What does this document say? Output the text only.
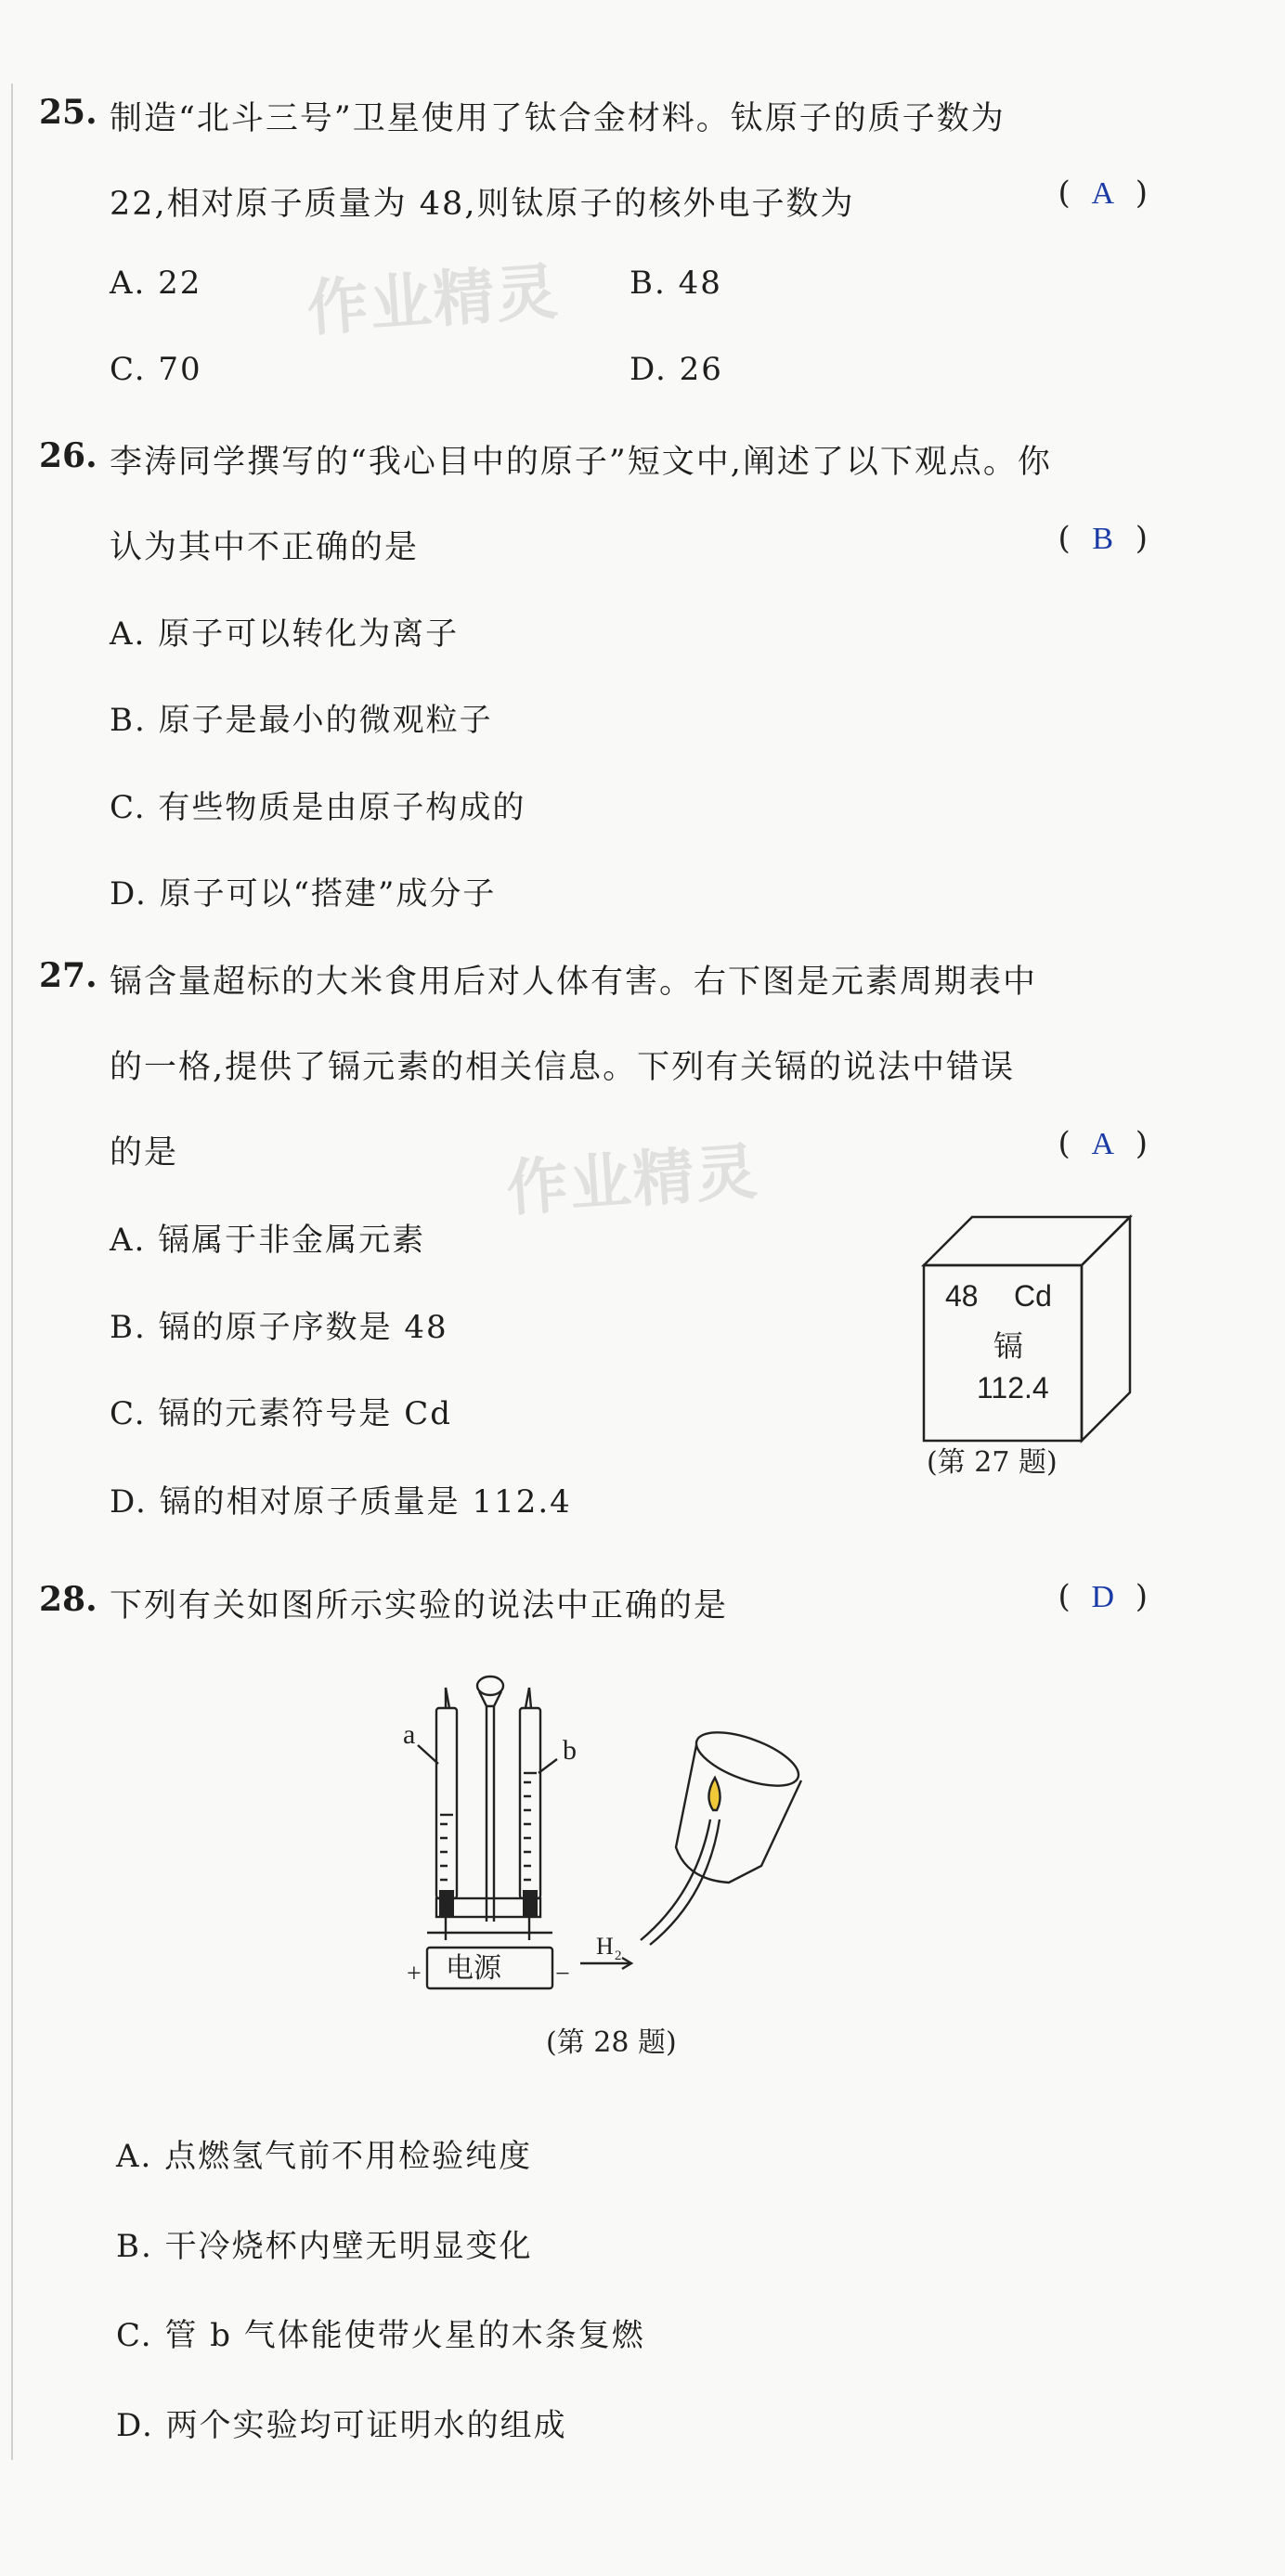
作业精灵
作业精灵
25. 制造“北斗三号”卫星使用了钛合金材料。钛原子的质子数为
22,相对原子质量为 48,则钛原子的核外电子数为	( A )
A. 22	B. 48
C. 70	D. 26
26. 李涛同学撰写的“我心目中的原子”短文中,阐述了以下观点。你
认为其中不正确的是	( B )
A. 原子可以转化为离子
B. 原子是最小的微观粒子
C. 有些物质是由原子构成的
D. 原子可以“搭建”成分子
27. 镉含量超标的大米食用后对人体有害。右下图是元素周期表中
的一格,提供了镉元素的相关信息。下列有关镉的说法中错误
的是	( A )
A. 镉属于非金属元素
B. 镉的原子序数是 48
C. 镉的元素符号是 Cd
D. 镉的相对原子质量是 112.4
48 Cd
镉
112.4
(第 27 题)
28. 下列有关如图所示实验的说法中正确的是	( D )
a
b
电源
+	−
H 2
(第 28 题)
A. 点燃氢气前不用检验纯度
B. 干冷烧杯内壁无明显变化
C. 管 b 气体能使带火星的木条复燃
D. 两个实验均可证明水的组成
